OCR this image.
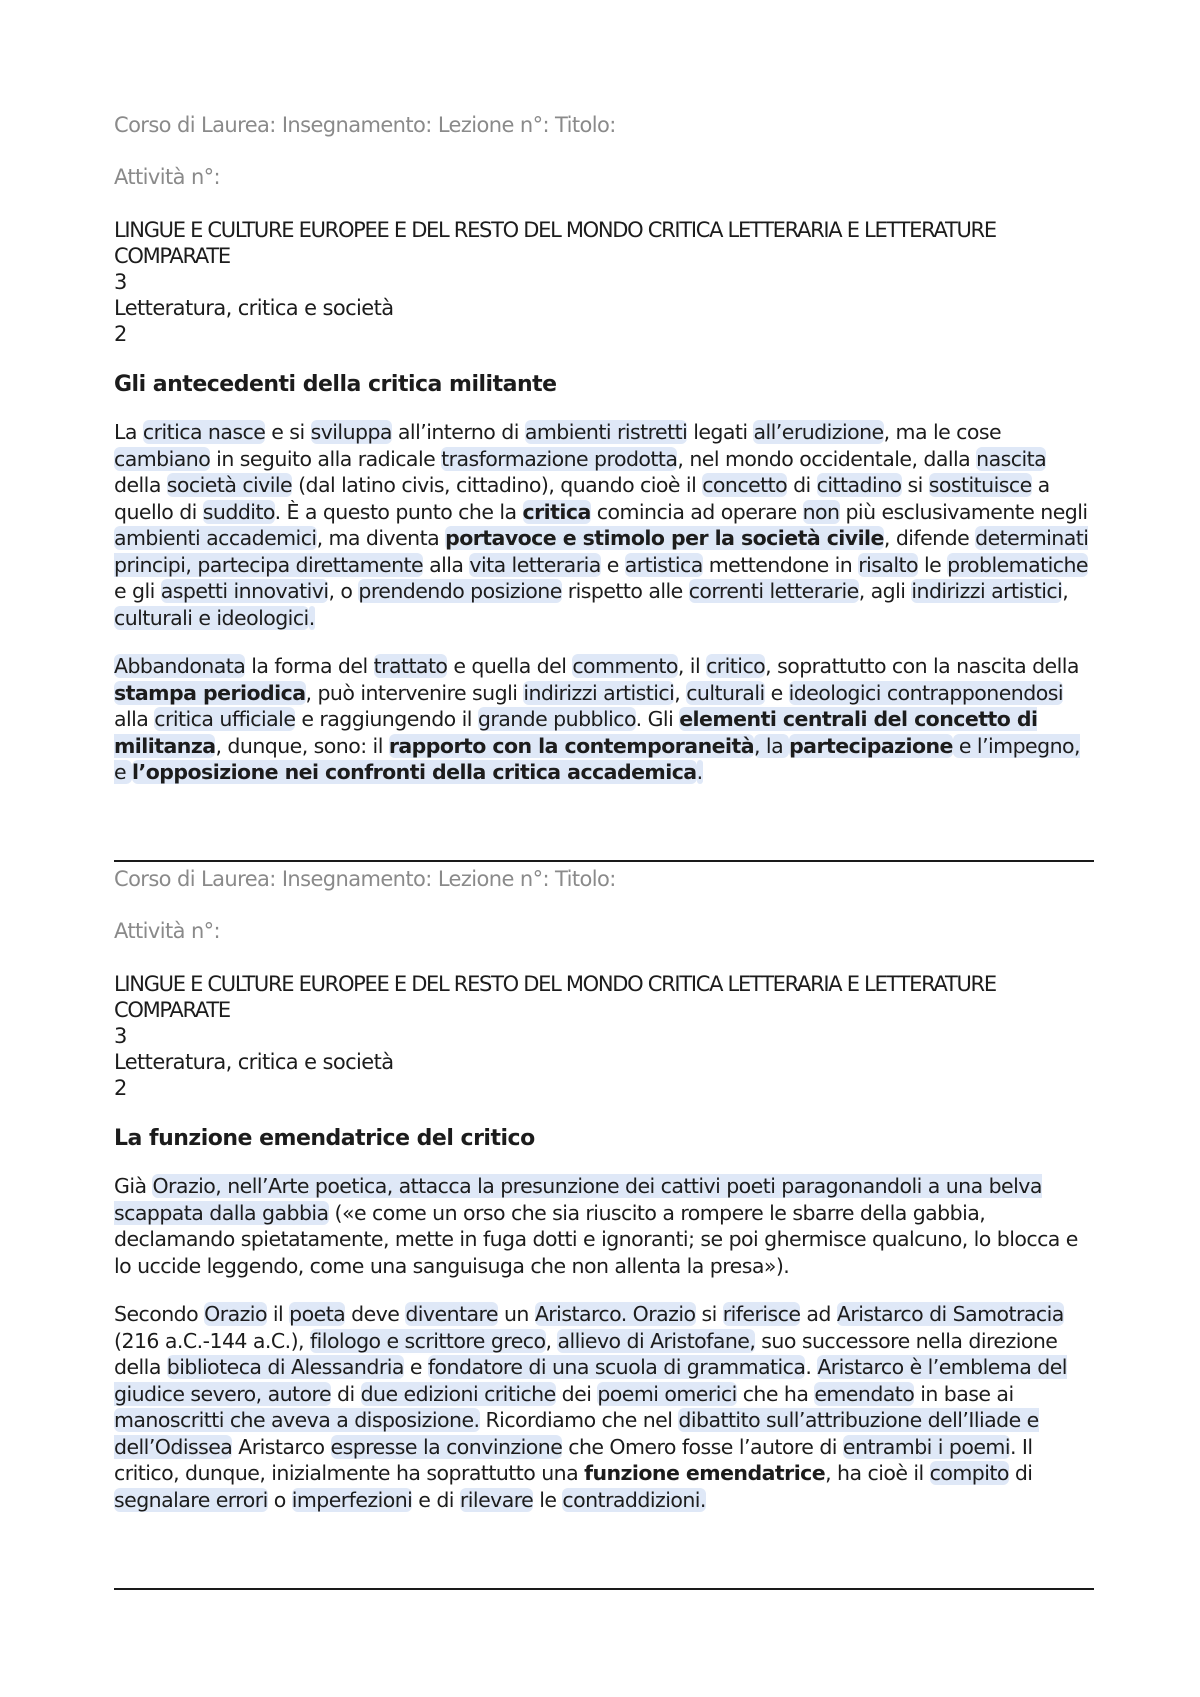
Corso di Laurea: Insegnamento: Lezione n°: Titolo:

Attività n°:

LINGUE E CULTURE EUROPEE E DEL RESTO DEL MONDO CRITICA LETTERARIA E LETTERATURE COMPARATE
3
Letteratura, critica e società
2
Gli antecedenti della critica militante

La critica nasce e si sviluppa all’interno di ambienti ristretti legati all’erudizione, ma le cose cambiano in seguito alla radicale trasformazione prodotta, nel mondo occidentale, dalla nascita della società civile (dal latino civis, cittadino), quando cioè il concetto di cittadino si sostituisce a quello di suddito. È a questo punto che la critica comincia ad operare non più esclusivamente negli ambienti accademici, ma diventa portavoce e stimolo per la società civile, difende determinati principi, partecipa direttamente alla vita letteraria e artistica mettendone in risalto le problematiche e gli aspetti innovativi, o prendendo posizione rispetto alle correnti letterarie, agli indirizzi artistici, culturali e ideologici.

Abbandonata la forma del trattato e quella del commento, il critico, soprattutto con la nascita della stampa periodica, può intervenire sugli indirizzi artistici, culturali e ideologici contrapponendosi alla critica ufficiale e raggiungendo il grande pubblico. Gli elementi centrali del concetto di militanza, dunque, sono: il rapporto con la contemporaneità, la partecipazione e l’impegno, e l’opposizione nei confronti della critica accademica.

Corso di Laurea: Insegnamento: Lezione n°: Titolo:

Attività n°:

LINGUE E CULTURE EUROPEE E DEL RESTO DEL MONDO CRITICA LETTERARIA E LETTERATURE COMPARATE
3
Letteratura, critica e società
2
La funzione emendatrice del critico

Già Orazio, nell’Arte poetica, attacca la presunzione dei cattivi poeti paragonandoli a una belva scappata dalla gabbia («e come un orso che sia riuscito a rompere le sbarre della gabbia, declamando spietatamente, mette in fuga dotti e ignoranti; se poi ghermisce qualcuno, lo blocca e lo uccide leggendo, come una sanguisuga che non allenta la presa»).

Secondo Orazio il poeta deve diventare un Aristarco. Orazio si riferisce ad Aristarco di Samotracia (216 a.C.-144 a.C.), filologo e scrittore greco, allievo di Aristofane, suo successore nella direzione della biblioteca di Alessandria e fondatore di una scuola di grammatica. Aristarco è l’emblema del giudice severo, autore di due edizioni critiche dei poemi omerici che ha emendato in base ai manoscritti che aveva a disposizione. Ricordiamo che nel dibattito sull’attribuzione dell’Iliade e dell’Odissea Aristarco espresse la convinzione che Omero fosse l’autore di entrambi i poemi. Il critico, dunque, inizialmente ha soprattutto una funzione emendatrice, ha cioè il compito di segnalare errori o imperfezioni e di rilevare le contraddizioni.
